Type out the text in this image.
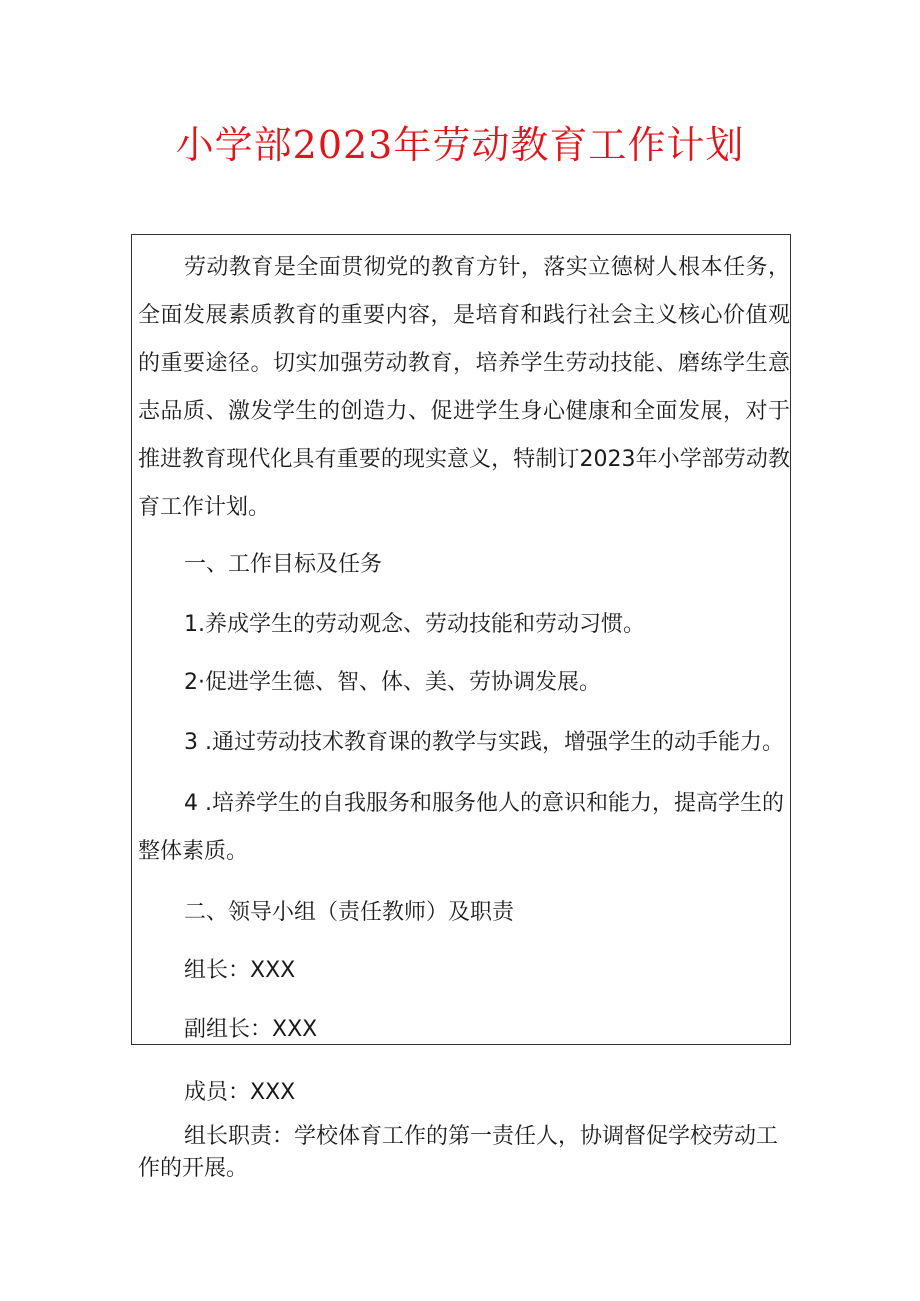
小学部2023年劳动教育工作计划

劳动教育是全面贯彻党的教育方针，落实立德树人根本任务，全面发展素质教育的重要内容，是培育和践行社会主义核心价值观的重要途径。切实加强劳动教育，培养学生劳动技能、磨练学生意志品质、激发学生的创造力、促进学生身心健康和全面发展，对于推进教育现代化具有重要的现实意义，特制订2023年小学部劳动教育工作计划。

一、工作目标及任务
1.养成学生的劳动观念、劳动技能和劳动习惯。
2·促进学生德、智、体、美、劳协调发展。
3 .通过劳动技术教育课的教学与实践，增强学生的动手能力。

4 .培养学生的自我服务和服务他人的意识和能力，提高学生的整体素质。

二、领导小组（责任教师）及职责
组长：XXX
副组长：XXX
成员：XXX

组长职责：学校体育工作的第一责任人，协调督促学校劳动工作的开展。
